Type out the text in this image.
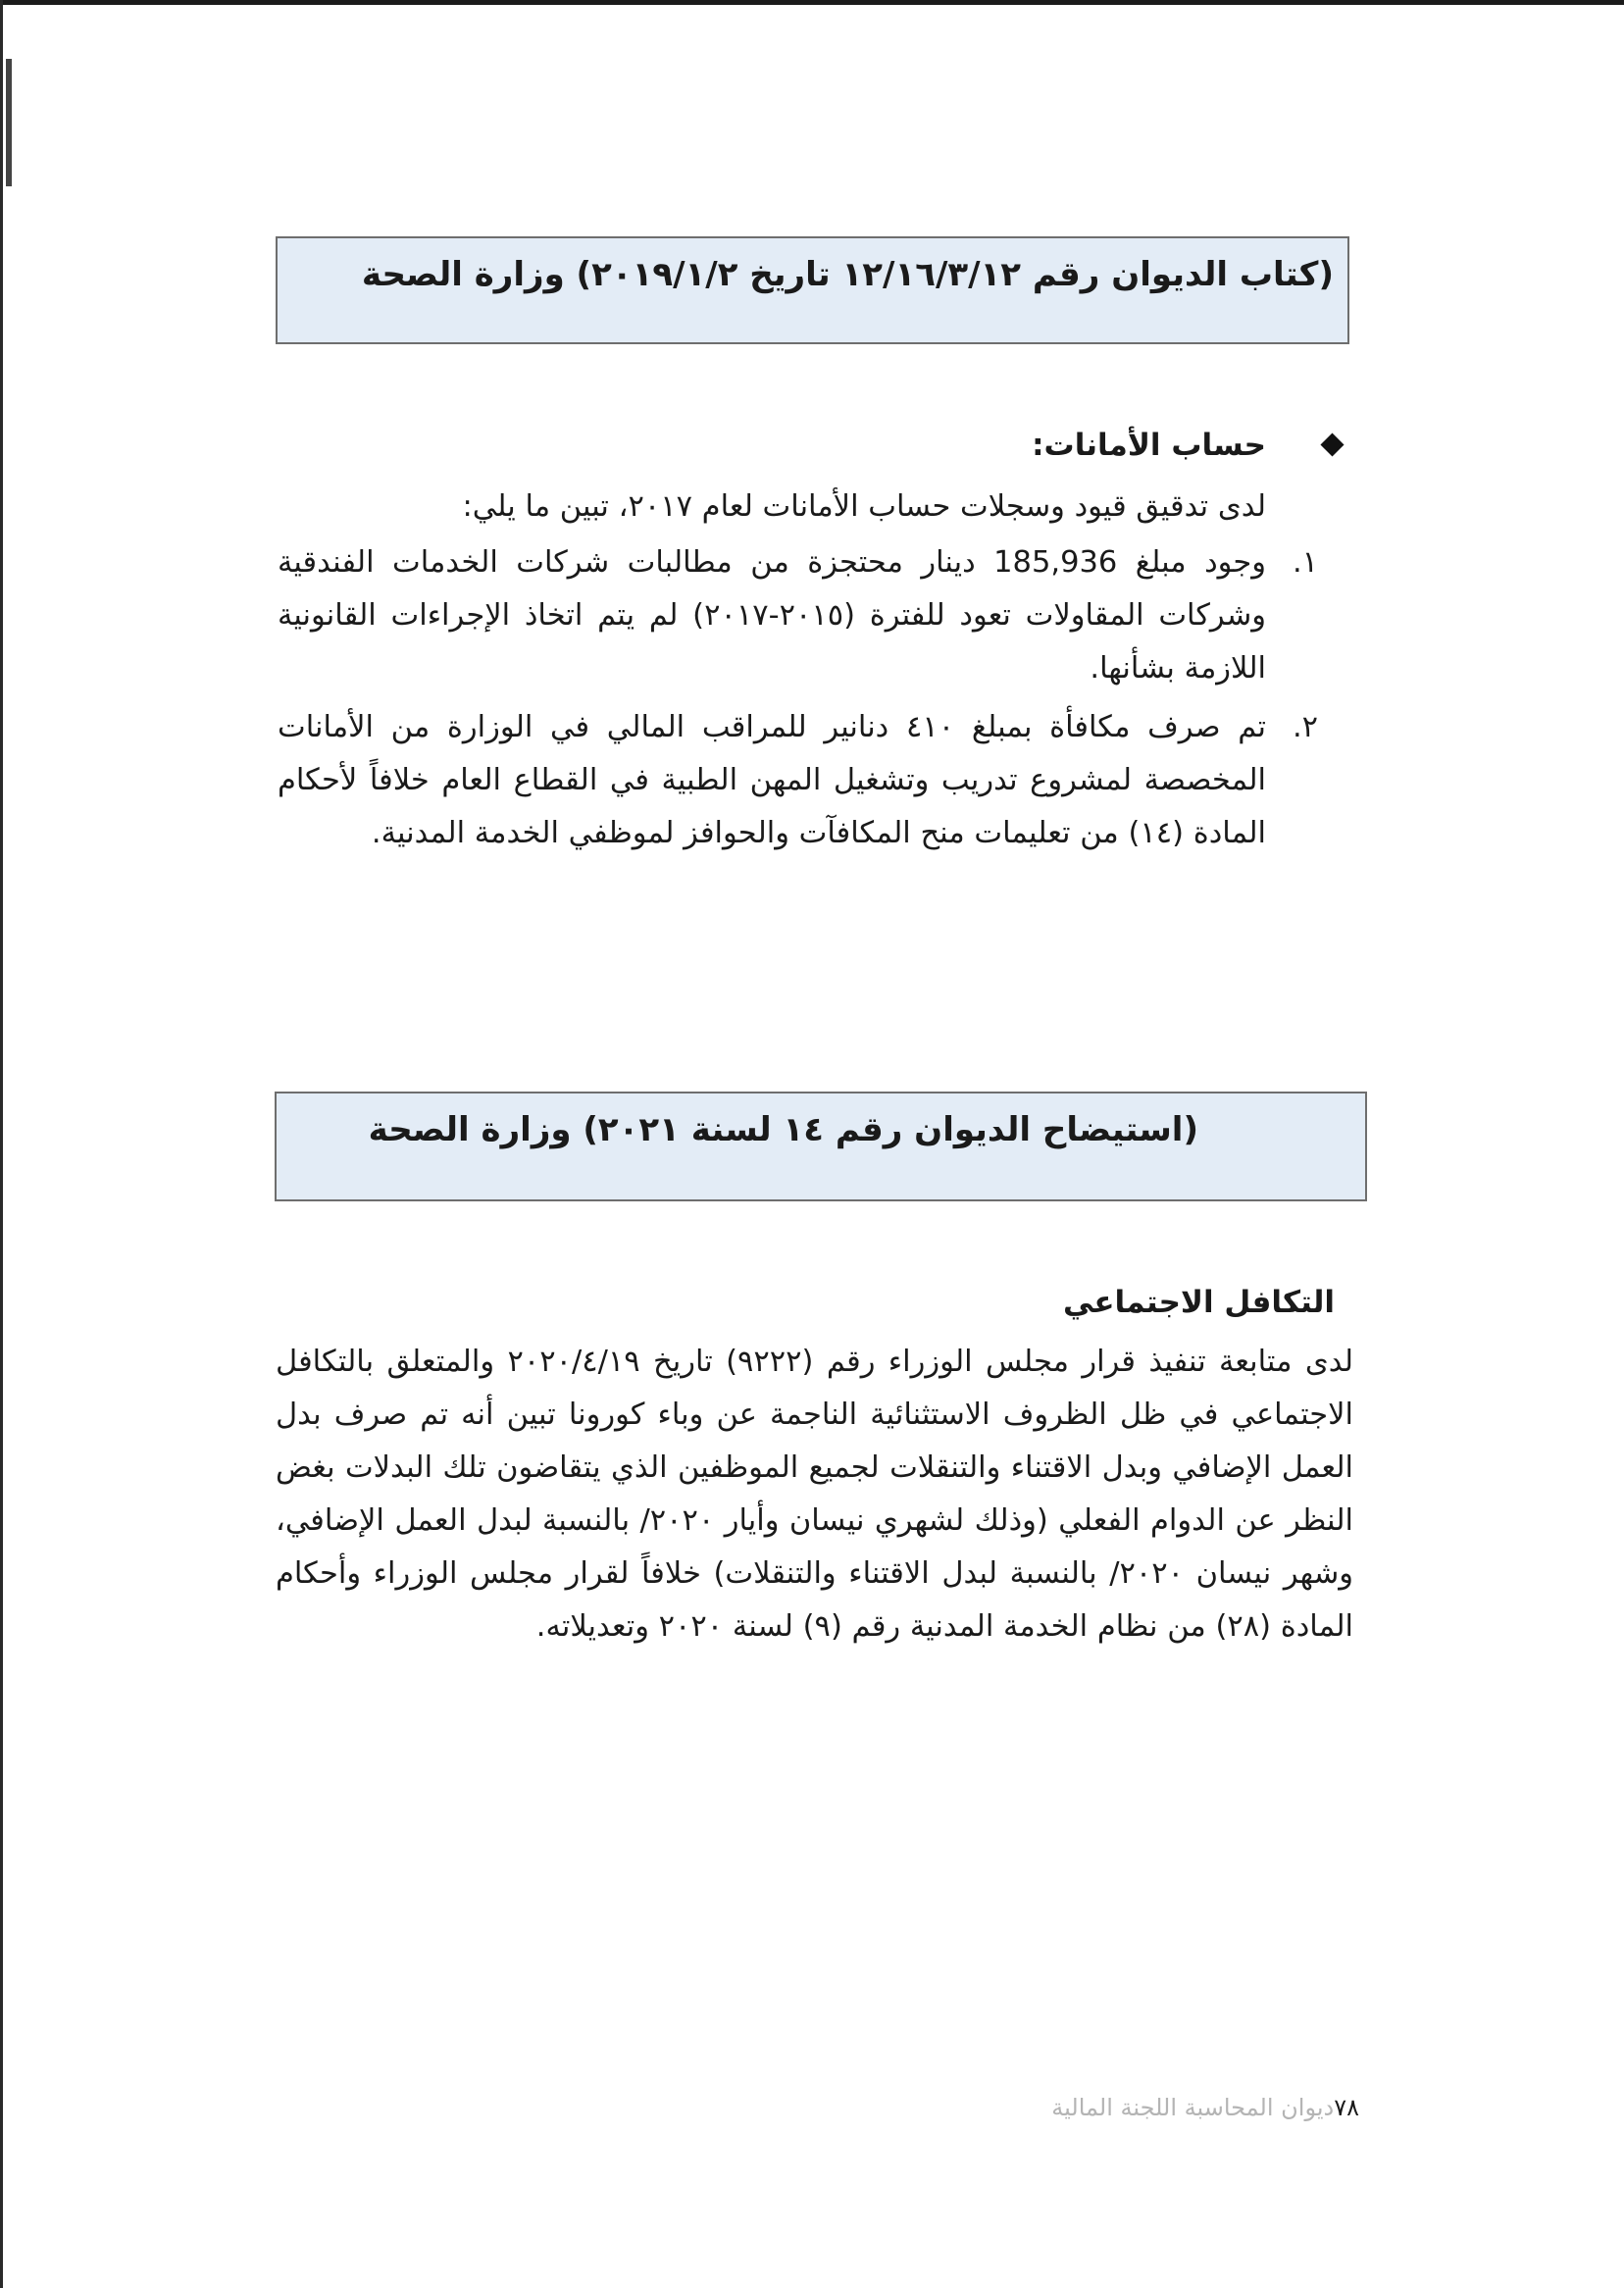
(كتاب الديوان رقم ١٢/١٦/٣/١٢ تاريخ ٢٠١٩/١/٢) وزارة الصحة
حساب الأمانات:
لدى تدقيق قيود وسجلات حساب الأمانات لعام ٢٠١٧، تبين ما يلي:
١.
وجود مبلغ 185,936 دينار محتجزة من مطالبات شركات الخدمات الفندقية وشركات المقاولات تعود للفترة (٢٠١٥-٢٠١٧) لم يتم اتخاذ الإجراءات القانونية اللازمة بشأنها.
٢.
تم صرف مكافأة بمبلغ ٤١٠ دنانير للمراقب المالي في الوزارة من الأمانات المخصصة لمشروع تدريب وتشغيل المهن الطبية في القطاع العام خلافاً لأحكام المادة (١٤) من تعليمات منح المكافآت والحوافز لموظفي الخدمة المدنية.
(استيضاح الديوان رقم ١٤ لسنة ٢٠٢١) وزارة الصحة
التكافل الاجتماعي
لدى متابعة تنفيذ قرار مجلس الوزراء رقم (٩٢٢٢) تاريخ ٢٠٢٠/٤/١٩ والمتعلق بالتكافل الاجتماعي في ظل الظروف الاستثنائية الناجمة عن وباء كورونا تبين أنه تم صرف بدل العمل الإضافي وبدل الاقتناء والتنقلات لجميع الموظفين الذي يتقاضون تلك البدلات بغض النظر عن الدوام الفعلي (وذلك لشهري نيسان وأيار ٢٠٢٠/ بالنسبة لبدل العمل الإضافي، وشهر نيسان ٢٠٢٠/ بالنسبة لبدل الاقتناء والتنقلات) خلافاً لقرار مجلس الوزراء وأحكام المادة (٢٨) من نظام الخدمة المدنية رقم (٩) لسنة ٢٠٢٠ وتعديلاته.
٧٨ديوان المحاسبة اللجنة المالية
